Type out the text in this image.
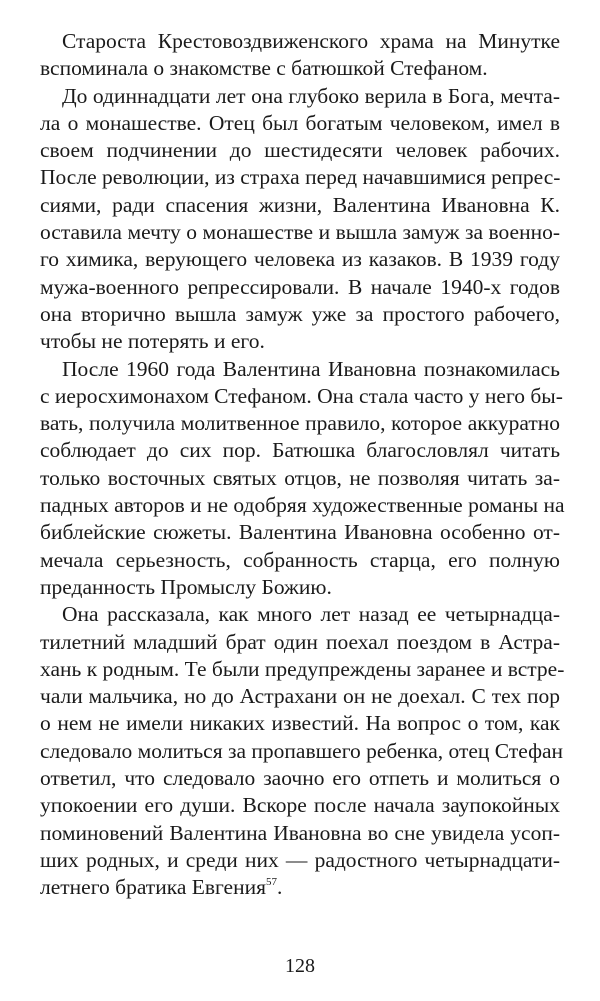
Староста Крестовоздвиженского храма на Минутке
вспоминала о знакомстве с батюшкой Стефаном.
До одиннадцати лет она глубоко верила в Бога, мечта-
ла о монашестве. Отец был богатым человеком, имел в
своем подчинении до шестидесяти человек рабочих.
После революции, из страха перед начавшимися репрес-
сиями, ради спасения жизни, Валентина Ивановна К.
оставила мечту о монашестве и вышла замуж за военно-
го химика, верующего человека из казаков. В 1939 году
мужа-военного репрессировали. В начале 1940-х годов
она вторично вышла замуж уже за простого рабочего,
чтобы не потерять и его.
После 1960 года Валентина Ивановна познакомилась
с иеросхимонахом Стефаном. Она стала часто у него бы-
вать, получила молитвенное правило, которое аккуратно
соблюдает до сих пор. Батюшка благословлял читать
только восточных святых отцов, не позволяя читать за-
падных авторов и не одобряя художественные романы на
библейские сюжеты. Валентина Ивановна особенно от-
мечала серьезность, собранность старца, его полную
преданность Промыслу Божию.
Она рассказала, как много лет назад ее четырнадца-
тилетний младший брат один поехал поездом в Астра-
хань к родным. Те были предупреждены заранее и встре-
чали мальчика, но до Астрахани он не доехал. С тех пор
о нем не имели никаких известий. На вопрос о том, как
следовало молиться за пропавшего ребенка, отец Стефан
ответил, что следовало заочно его отпеть и молиться о
упокоении его души. Вскоре после начала заупокойных
поминовений Валентина Ивановна во сне увидела усоп-
ших родных, и среди них — радостного четырнадцати-
летнего братика Евгения$^{57}$.
128
